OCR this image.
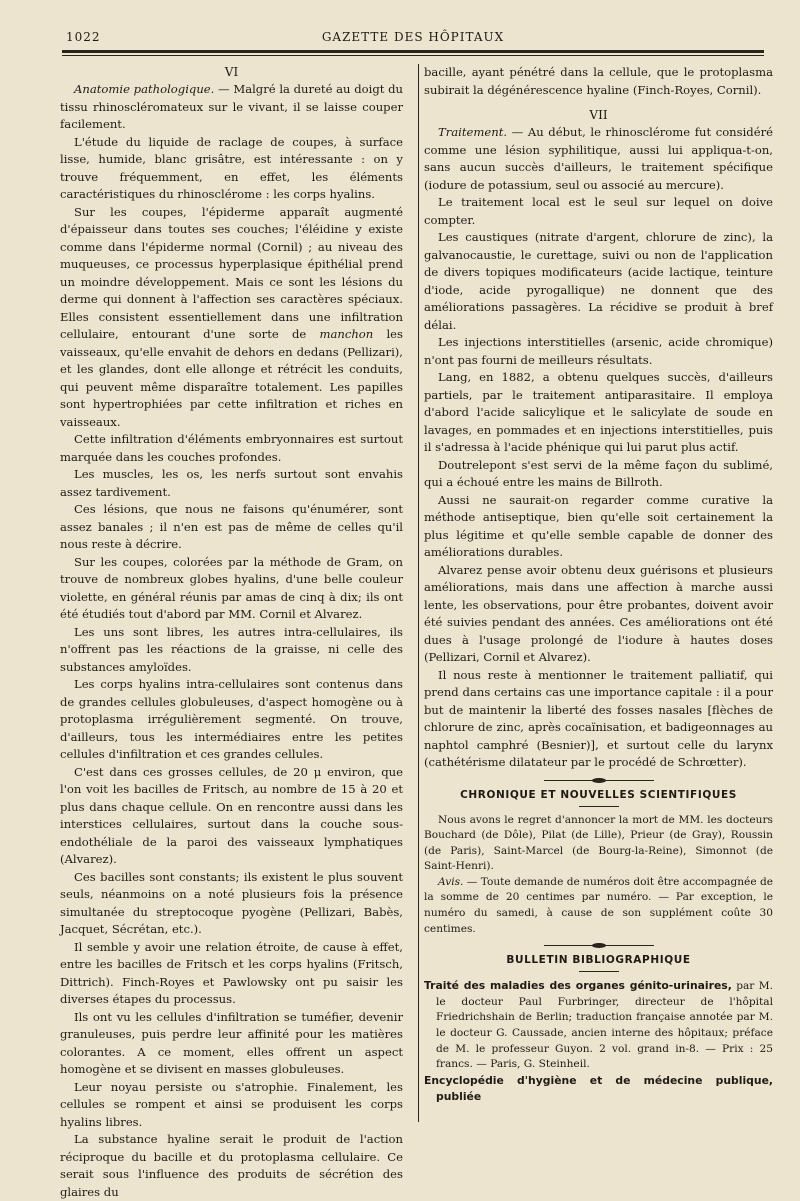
1022	GAZETTE DES HÔPITAUX
VI

Anatomie pathologique. — Malgré la dureté au doigt du tissu rhinoscléromateux sur le vivant, il se laisse couper facilement.

L'étude du liquide de raclage de coupes, à surface lisse, humide, blanc grisâtre, est intéressante : on y trouve fréquemment, en effet, les éléments caractéristiques du rhinosclérome : les corps hyalins.

Sur les coupes, l'épiderme apparaît augmenté d'épaisseur dans toutes ses couches; l'éléidine y existe comme dans l'épiderme normal (Cornil) ; au niveau des muqueuses, ce processus hyperplasique épithélial prend un moindre développement. Mais ce sont les lésions du derme qui donnent à l'affection ses caractères spéciaux. Elles consistent essentiellement dans une infiltration cellulaire, entourant d'une sorte de manchon les vaisseaux, qu'elle envahit de dehors en dedans (Pellizari), et les glandes, dont elle allonge et rétrécit les conduits, qui peuvent même disparaître totalement. Les papilles sont hypertrophiées par cette infiltration et riches en vaisseaux.

Cette infiltration d'éléments embryonnaires est surtout marquée dans les couches profondes.

Les muscles, les os, les nerfs surtout sont envahis assez tardivement.

Ces lésions, que nous ne faisons qu'énumérer, sont assez banales ; il n'en est pas de même de celles qu'il nous reste à décrire.

Sur les coupes, colorées par la méthode de Gram, on trouve de nombreux globes hyalins, d'une belle couleur violette, en général réunis par amas de cinq à dix; ils ont été étudiés tout d'abord par MM. Cornil et Alvarez.

Les uns sont libres, les autres intra-cellulaires, ils n'offrent pas les réactions de la graisse, ni celle des substances amyloïdes.

Les corps hyalins intra-cellulaires sont contenus dans de grandes cellules globuleuses, d'aspect homogène ou à protoplasma irrégulièrement segmenté. On trouve, d'ailleurs, tous les intermédiaires entre les petites cellules d'infiltration et ces grandes cellules.

C'est dans ces grosses cellules, de 20 μ environ, que l'on voit les bacilles de Fritsch, au nombre de 15 à 20 et plus dans chaque cellule. On en rencontre aussi dans les interstices cellulaires, surtout dans la couche sous-endothéliale de la paroi des vaisseaux lymphatiques (Alvarez).

Ces bacilles sont constants; ils existent le plus souvent seuls, néanmoins on a noté plusieurs fois la présence simultanée du streptocoque pyogène (Pellizari, Babès, Jacquet, Sécrétan, etc.).

Il semble y avoir une relation étroite, de cause à effet, entre les bacilles de Fritsch et les corps hyalins (Fritsch, Dittrich). Finch-Royes et Pawlowsky ont pu saisir les diverses étapes du processus.

Ils ont vu les cellules d'infiltration se tuméfier, devenir granuleuses, puis perdre leur affinité pour les matières colorantes. A ce moment, elles offrent un aspect homogène et se divisent en masses globuleuses.

Leur noyau persiste ou s'atrophie. Finalement, les cellules se rompent et ainsi se produisent les corps hyalins libres.

La substance hyaline serait le produit de l'action réciproque du bacille et du protoplasma cellulaire. Ce serait sous l'influence des produits de sécrétion des glaires du

bacille, ayant pénétré dans la cellule, que le protoplasma subirait la dégénérescence hyaline (Finch-Royes, Cornil).

VII

Traitement. — Au début, le rhinosclérome fut considéré comme une lésion syphilitique, aussi lui appliqua-t-on, sans aucun succès d'ailleurs, le traitement spécifique (iodure de potassium, seul ou associé au mercure).

Le traitement local est le seul sur lequel on doive compter.

Les caustiques (nitrate d'argent, chlorure de zinc), la galvanocaustie, le curettage, suivi ou non de l'application de divers topiques modificateurs (acide lactique, teinture d'iode, acide pyrogallique) ne donnent que des améliorations passagères. La récidive se produit à bref délai.

Les injections interstitielles (arsenic, acide chromique) n'ont pas fourni de meilleurs résultats.

Lang, en 1882, a obtenu quelques succès, d'ailleurs partiels, par le traitement antiparasitaire. Il employa d'abord l'acide salicylique et le salicylate de soude en lavages, en pommades et en injections interstitielles, puis il s'adressa à l'acide phénique qui lui parut plus actif.

Doutrelepont s'est servi de la même façon du sublimé, qui a échoué entre les mains de Billroth.

Aussi ne saurait-on regarder comme curative la méthode antiseptique, bien qu'elle soit certainement la plus légitime et qu'elle semble capable de donner des améliorations durables.

Alvarez pense avoir obtenu deux guérisons et plusieurs améliorations, mais dans une affection à marche aussi lente, les observations, pour être probantes, doivent avoir été suivies pendant des années. Ces améliorations ont été dues à l'usage prolongé de l'iodure à hautes doses (Pellizari, Cornil et Alvarez).

Il nous reste à mentionner le traitement palliatif, qui prend dans certains cas une importance capitale : il a pour but de maintenir la liberté des fosses nasales [flèches de chlorure de zinc, après cocaïnisation, et badigeonnages au naphtol camphré (Besnier)], et surtout celle du larynx (cathétérisme dilatateur par le procédé de Schrœtter).

CHRONIQUE ET NOUVELLES SCIENTIFIQUES

Nous avons le regret d'annoncer la mort de MM. les docteurs Bouchard (de Dôle), Pilat (de Lille), Prieur (de Gray), Roussin (de Paris), Saint-Marcel (de Bourg-la-Reine), Simonnot (de Saint-Henri).

Avis. — Toute demande de numéros doit être accompagnée de la somme de 20 centimes par numéro. — Par exception, le numéro du samedi, à cause de son supplément coûte 30 centimes.

BULLETIN BIBLIOGRAPHIQUE

Traité des maladies des organes génito-urinaires, par M. le docteur Paul Furbringer, directeur de l'hôpital Friedrichshain de Berlin; traduction française annotée par M. le docteur G. Caussade, ancien interne des hôpitaux; préface de M. le professeur Guyon. 2 vol. grand in-8. — Prix : 25 francs. — Paris, G. Steinheil.

Encyclopédie d'hygiène et de médecine publique, publiée
